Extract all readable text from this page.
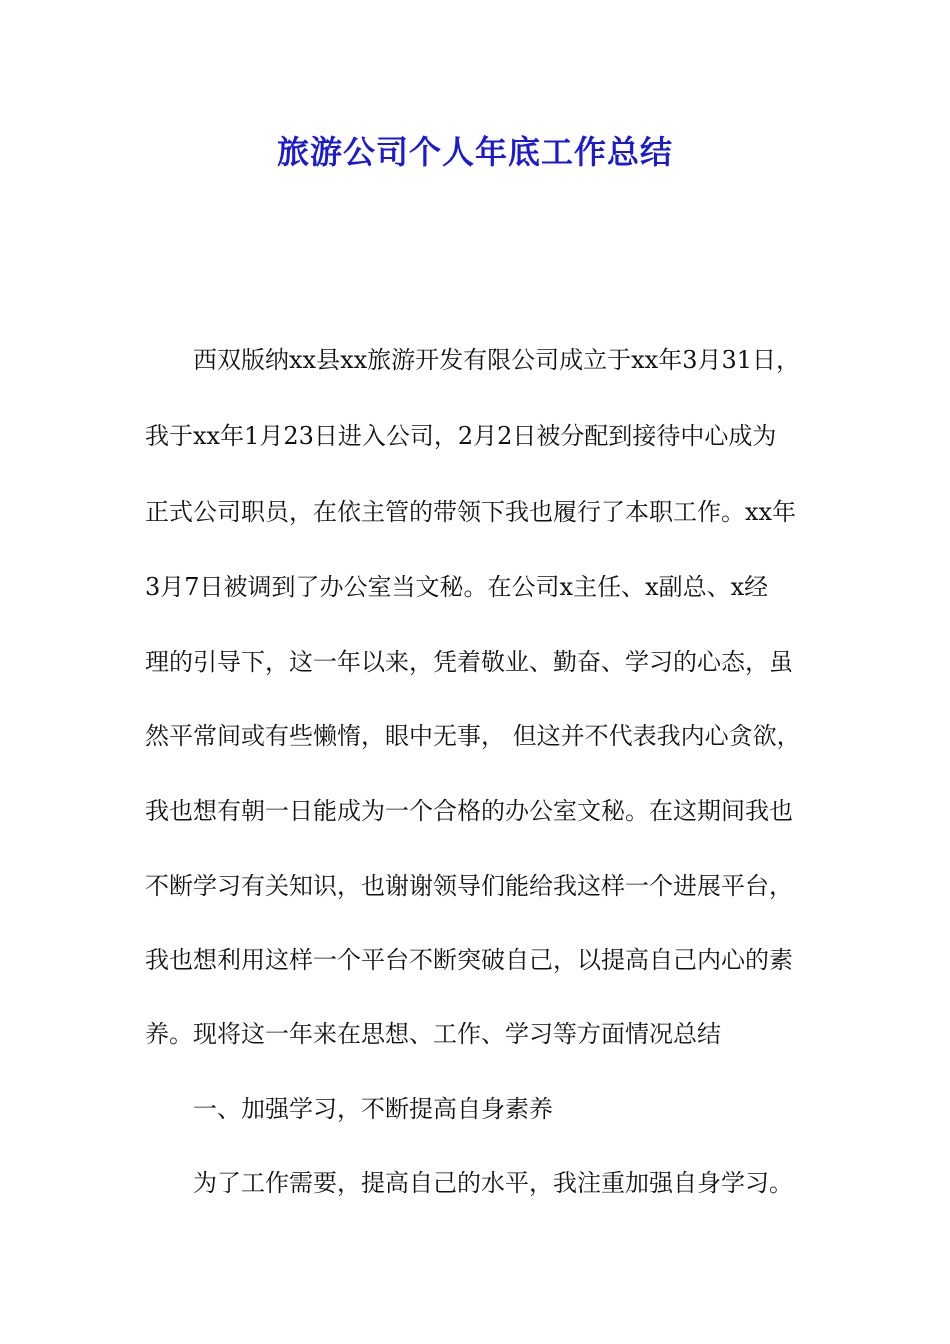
旅游公司个人年底工作总结
西双版纳xx县xx旅游开发有限公司成立于xx年3月31日，
我于xx年1月23日进入公司，2月2日被分配到接待中心成为
正式公司职员，在依主管的带领下我也履行了本职工作。xx年
3月7日被调到了办公室当文秘。在公司x主任、x副总、x经
理的引导下，这一年以来，凭着敬业、勤奋、学习的心态，虽
然平常间或有些懒惰，眼中无事， 但这并不代表我内心贪欲，
我也想有朝一日能成为一个合格的办公室文秘。在这期间我也
不断学习有关知识，也谢谢领导们能给我这样一个进展平台，
我也想利用这样一个平台不断突破自己，以提高自己内心的素
养。现将这一年来在思想、工作、学习等方面情况总结
一、加强学习，不断提高自身素养
为了工作需要，提高自己的水平，我注重加强自身学习。
